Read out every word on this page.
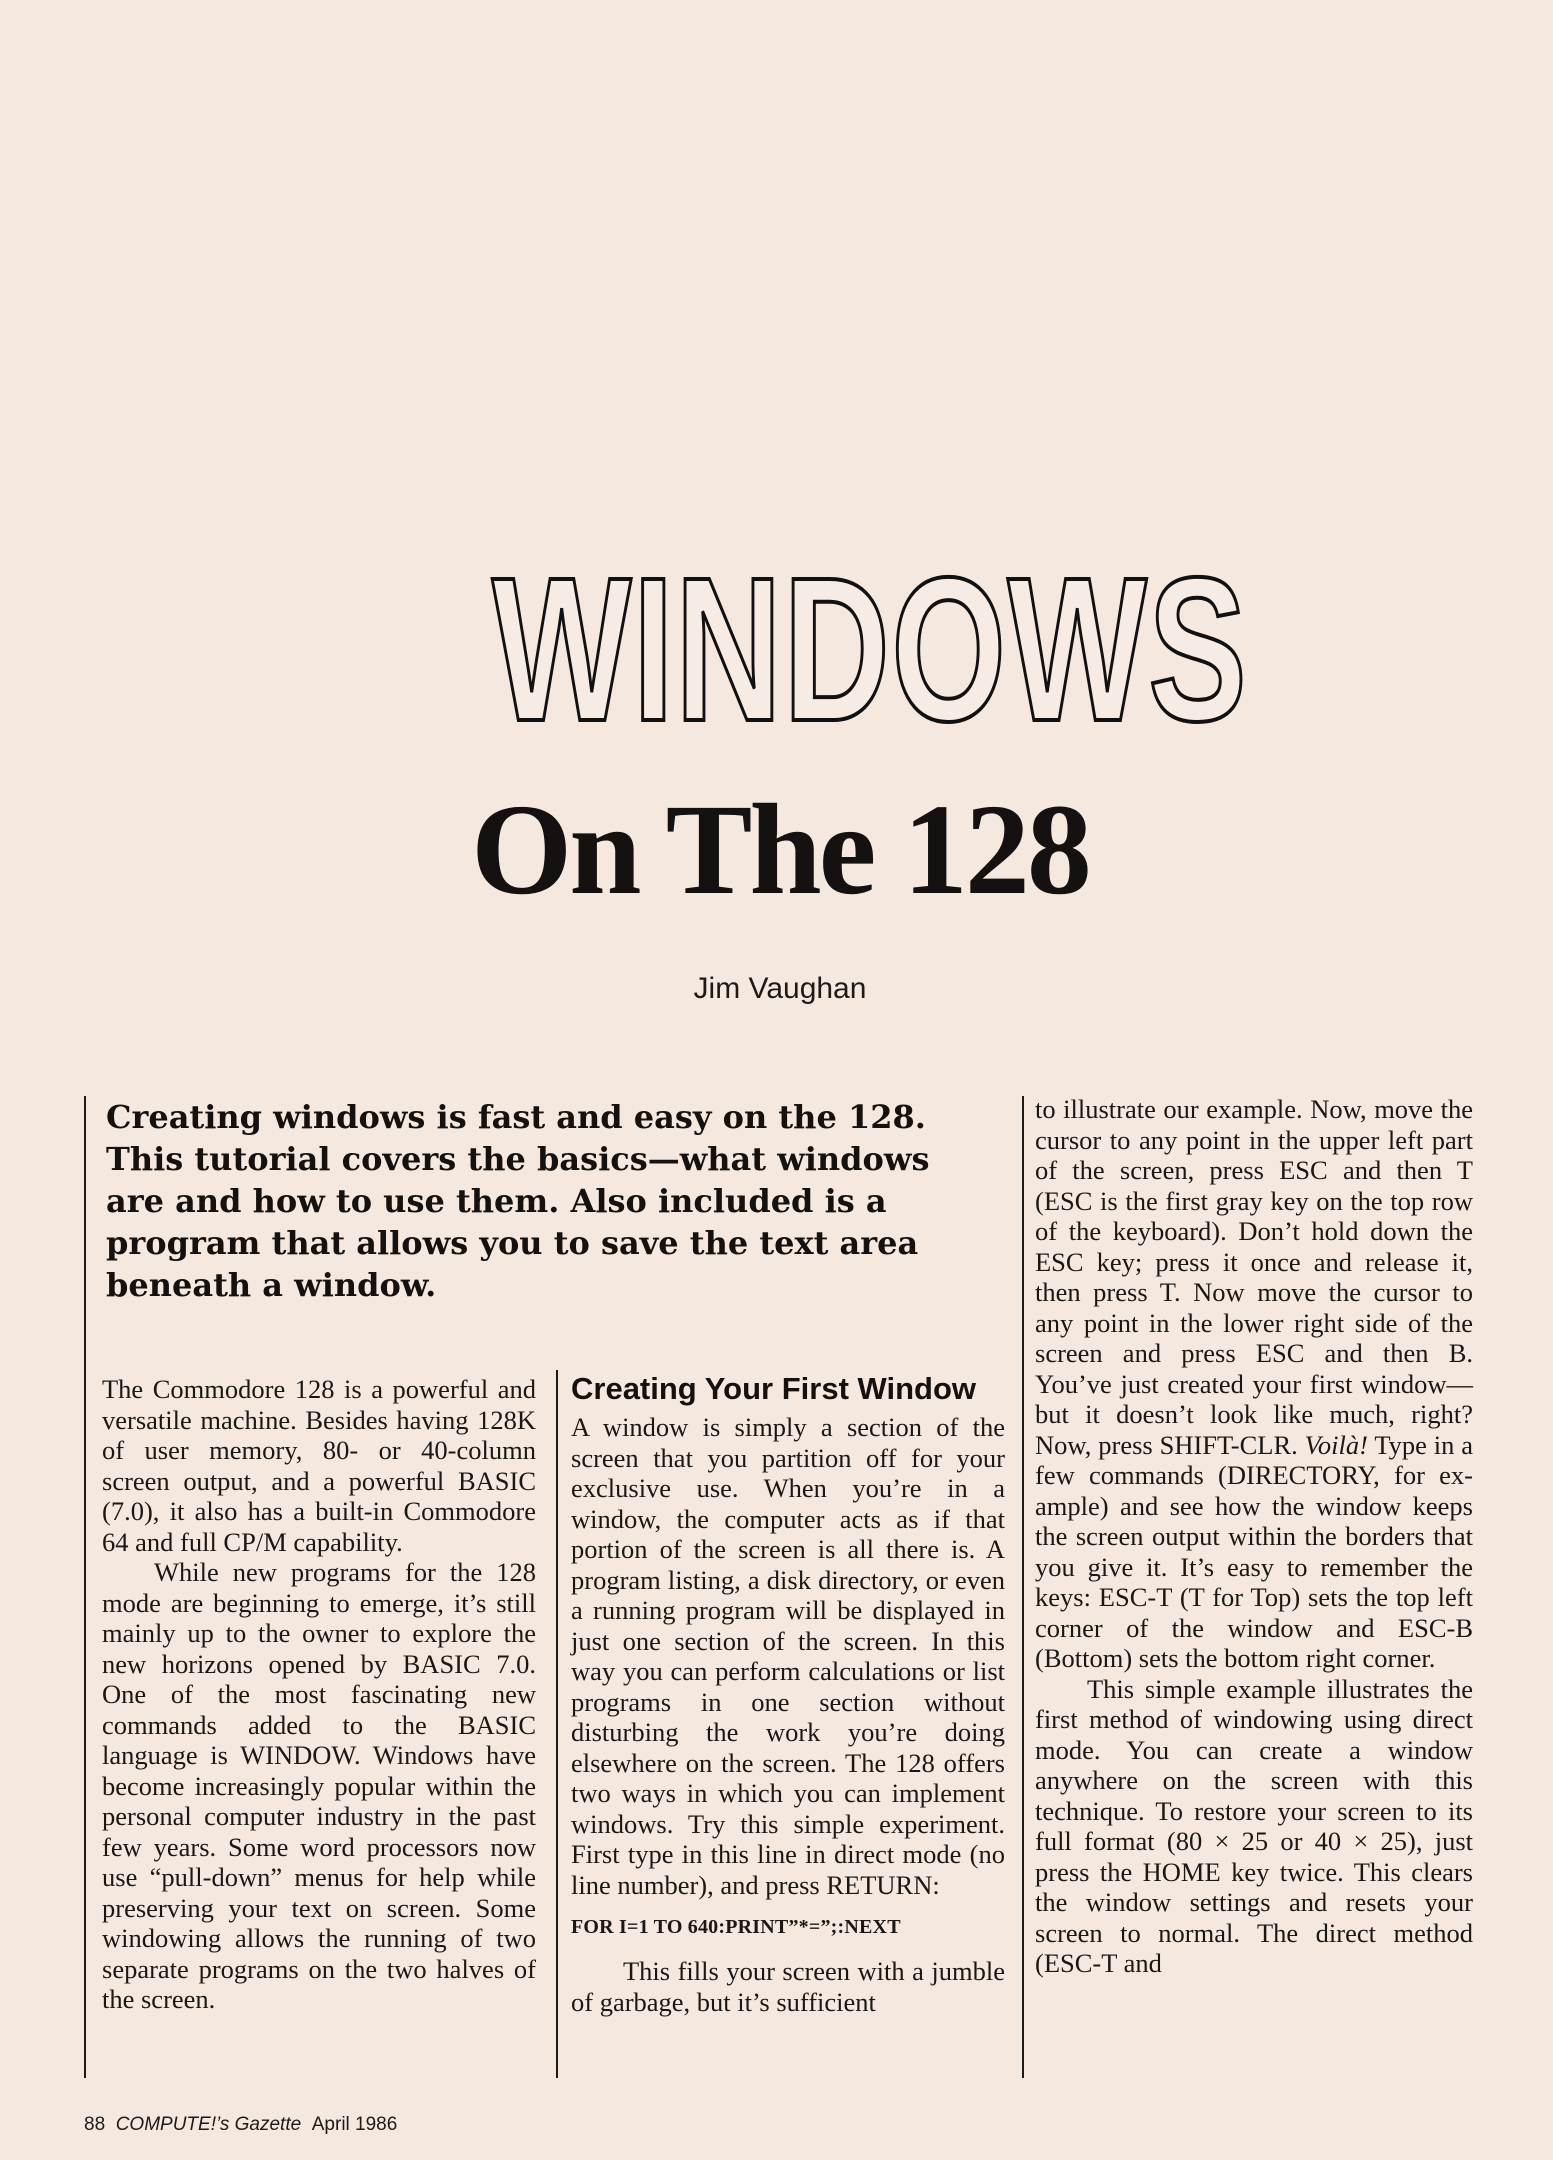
WINDOWS
On The 128
Jim Vaughan
Creating windows is fast and easy on the 128. This tutorial covers the basics—what windows are and how to use them. Also included is a program that allows you to save the text area beneath a window.

The Commodore 128 is a powerful and versatile machine. Besides having 128K of user memory, 80- or 40-column screen output, and a powerful BASIC (7.0), it also has a built-in Commodore 64 and full CP/M capability.

While new programs for the 128 mode are beginning to emerge, it’s still mainly up to the owner to explore the new horizons opened by BASIC 7.0. One of the most fascinating new commands added to the BASIC language is WINDOW. Windows have become increasingly popular within the personal computer industry in the past few years. Some word processors now use “pull-down” menus for help while preserving your text on screen. Some windowing allows the running of two separate programs on the two halves of the screen.

Creating Your First Window

A window is simply a section of the screen that you partition off for your exclusive use. When you’re in a window, the computer acts as if that portion of the screen is all there is. A program listing, a disk directory, or even a running program will be displayed in just one section of the screen. In this way you can perform calculations or list programs in one section without disturbing the work you’re doing elsewhere on the screen. The 128 offers two ways in which you can implement windows. Try this simple experiment. First type in this line in direct mode (no line number), and press RETURN:

FOR I=1 TO 640:PRINT”*=”;:NEXT

This fills your screen with a jumble of garbage, but it’s sufficient

to illustrate our example. Now, move the cursor to any point in the upper left part of the screen, press ESC and then T (ESC is the first gray key on the top row of the keyboard). Don’t hold down the ESC key; press it once and release it, then press T. Now move the cursor to any point in the lower right side of the screen and press ESC and then B. You’ve just created your first window—but it doesn’t look like much, right? Now, press SHIFT-CLR. Voilà! Type in a few commands (DIRECTORY, for example) and see how the window keeps the screen output within the borders that you give it. It’s easy to remember the keys: ESC-T (T for Top) sets the top left corner of the window and ESC-B (Bottom) sets the bottom right corner.

This simple example illustrates the first method of windowing using direct mode. You can create a window anywhere on the screen with this technique. To restore your screen to its full format (80 × 25 or 40 × 25), just press the HOME key twice. This clears the window settings and resets your screen to normal. The direct method (ESC-T and

88 COMPUTE!’s Gazette April 1986
